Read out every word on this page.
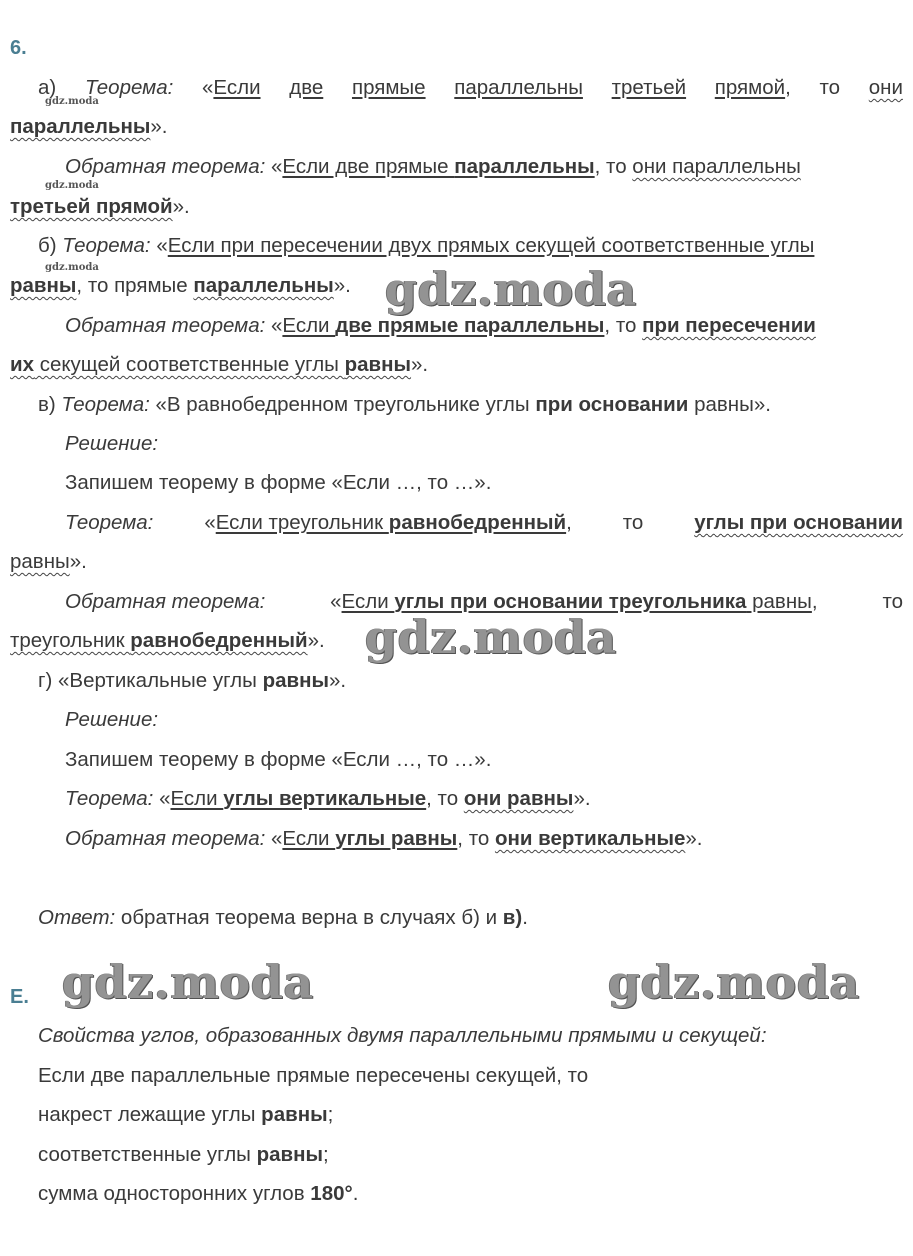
6.
а) Теорема: «Если две прямые параллельны третьей прямой, то они
gdz.moda
параллельны».
Обратная теорема: «Если две прямые параллельны, то они параллельны
gdz.moda
третьей прямой».
б) Теорема: «Если при пересечении двух прямых секущей соответственные углы
gdz.moda
равны, то прямые параллельны». gdz.moda
Обратная теорема: «Если две прямые параллельны, то при пересечении
их секущей соответственные углы равны».
в) Теорема: «В равнобедренном треугольнике углы при основании равны».
Решение:
Запишем теорему в форме «Если …, то …».
Теорема: «Если треугольник равнобедренный, то углы при основании
равны».
Обратная теорема:	«Если углы при основании треугольника равны,	то
треугольник равнобедренный». gdz.moda
г) «Вертикальные углы равны».
Решение:
Запишем теорему в форме «Если …, то …».
Теорема: «Если углы вертикальные, то они равны».
Обратная теорема: «Если углы равны, то они вертикальные».
Ответ: обратная теорема верна в случаях б) и в).
gdz.moda	gdz.moda
Е.
Свойства углов, образованных двумя параллельными прямыми и секущей:
Если две параллельные прямые пересечены секущей, то
накрест лежащие углы равны;
соответственные углы равны;
сумма односторонних углов 180°.
